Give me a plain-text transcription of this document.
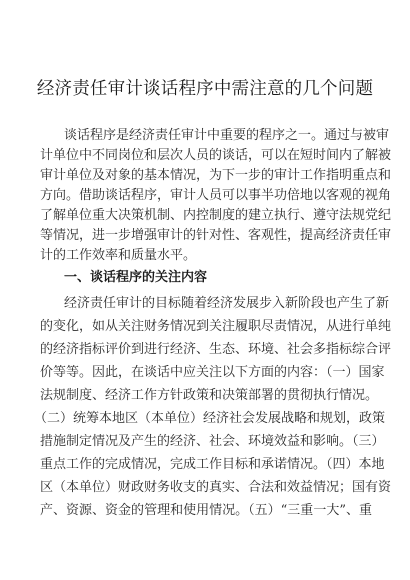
经济责任审计谈话程序中需注意的几个问题
谈话程序是经济责任审计中重要的程序之一。通过与被审
计单位中不同岗位和层次人员的谈话，可以在短时间内了解被
审计单位及对象的基本情况，为下一步的审计工作指明重点和
方向。借助谈话程序，审计人员可以事半功倍地以客观的视角
了解单位重大决策机制、内控制度的建立执行、遵守法规党纪
等情况，进一步增强审计的针对性、客观性，提高经济责任审
计的工作效率和质量水平。
一、谈话程序的关注内容
经济责任审计的目标随着经济发展步入新阶段也产生了新
的变化，如从关注财务情况到关注履职尽责情况，从进行单纯
的经济指标评价到进行经济、生态、环境、社会多指标综合评
价等等。因此，在谈话中应关注以下方面的内容：（一）国家
法规制度、经济工作方针政策和决策部署的贯彻执行情况。
（二）统筹本地区（本单位）经济社会发展战略和规划，政策
措施制定情况及产生的经济、社会、环境效益和影响。（三）
重点工作的完成情况，完成工作目标和承诺情况。（四）本地
区（本单位）财政财务收支的真实、合法和效益情况；国有资
产、资源、资金的管理和使用情况。（五）“三重一大”、重
